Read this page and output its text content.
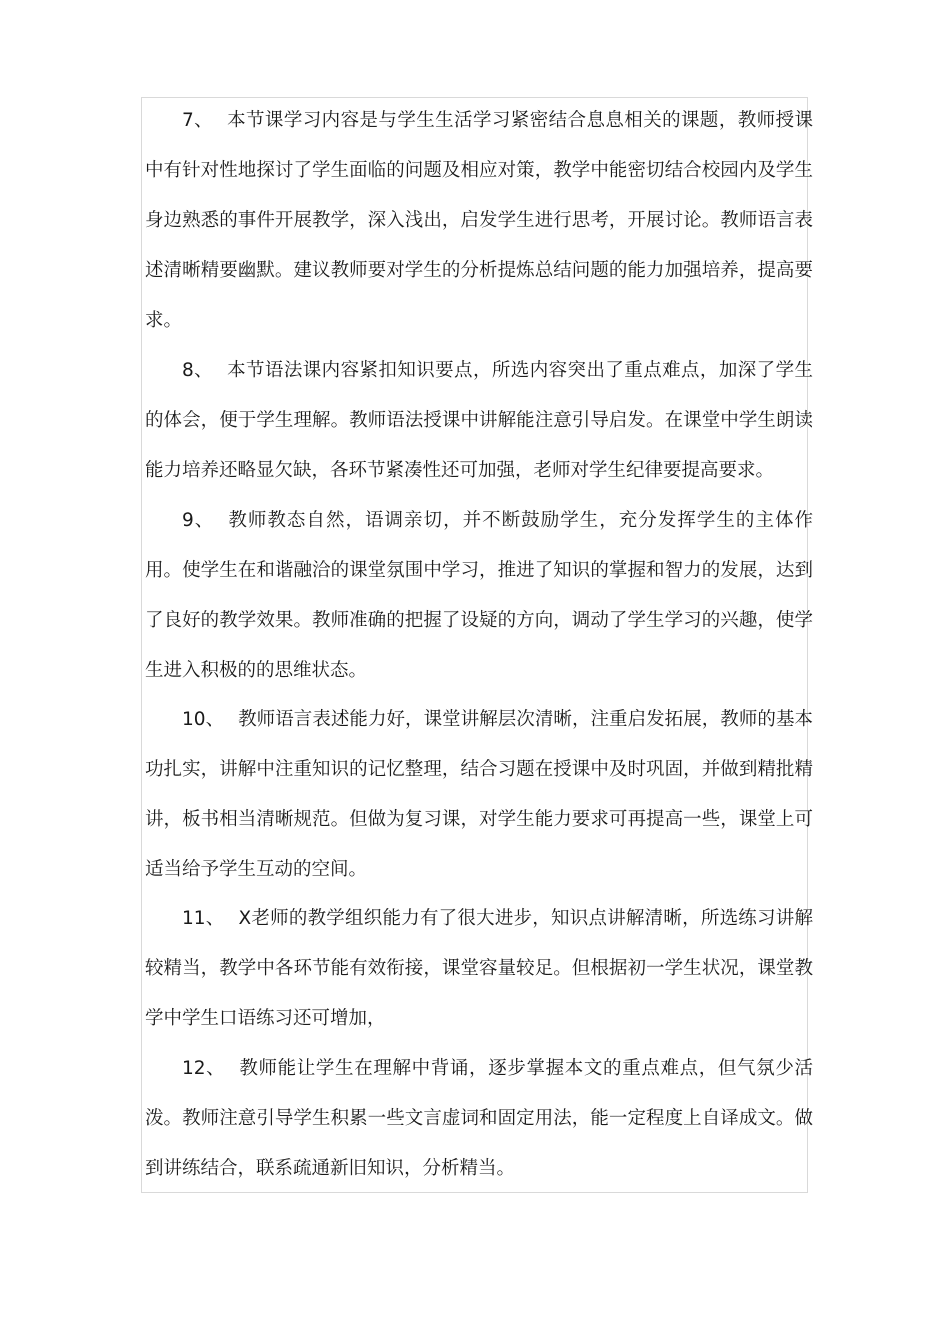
7、 本节课学习内容是与学生生活学习紧密结合息息相关的课题，教师授课中有针对性地探讨了学生面临的问题及相应对策，教学中能密切结合校园内及学生身边熟悉的事件开展教学，深入浅出，启发学生进行思考，开展讨论。教师语言表述清晰精要幽默。建议教师要对学生的分析提炼总结问题的能力加强培养，提高要求。

8、 本节语法课内容紧扣知识要点，所选内容突出了重点难点，加深了学生的体会，便于学生理解。教师语法授课中讲解能注意引导启发。在课堂中学生朗读能力培养还略显欠缺，各环节紧凑性还可加强，老师对学生纪律要提高要求。

9、 教师教态自然，语调亲切，并不断鼓励学生，充分发挥学生的主体作用。使学生在和谐融洽的课堂氛围中学习，推进了知识的掌握和智力的发展，达到了良好的教学效果。教师准确的把握了设疑的方向，调动了学生学习的兴趣，使学生进入积极的的思维状态。

10、 教师语言表述能力好，课堂讲解层次清晰，注重启发拓展，教师的基本功扎实，讲解中注重知识的记忆整理，结合习题在授课中及时巩固，并做到精批精讲，板书相当清晰规范。但做为复习课，对学生能力要求可再提高一些，课堂上可适当给予学生互动的空间。

11、 X老师的教学组织能力有了很大进步，知识点讲解清晰，所选练习讲解较精当，教学中各环节能有效衔接，课堂容量较足。但根据初一学生状况，课堂教学中学生口语练习还可增加，

12、 教师能让学生在理解中背诵，逐步掌握本文的重点难点，但气氛少活泼。教师注意引导学生积累一些文言虚词和固定用法，能一定程度上自译成文。做到讲练结合，联系疏通新旧知识，分析精当。
